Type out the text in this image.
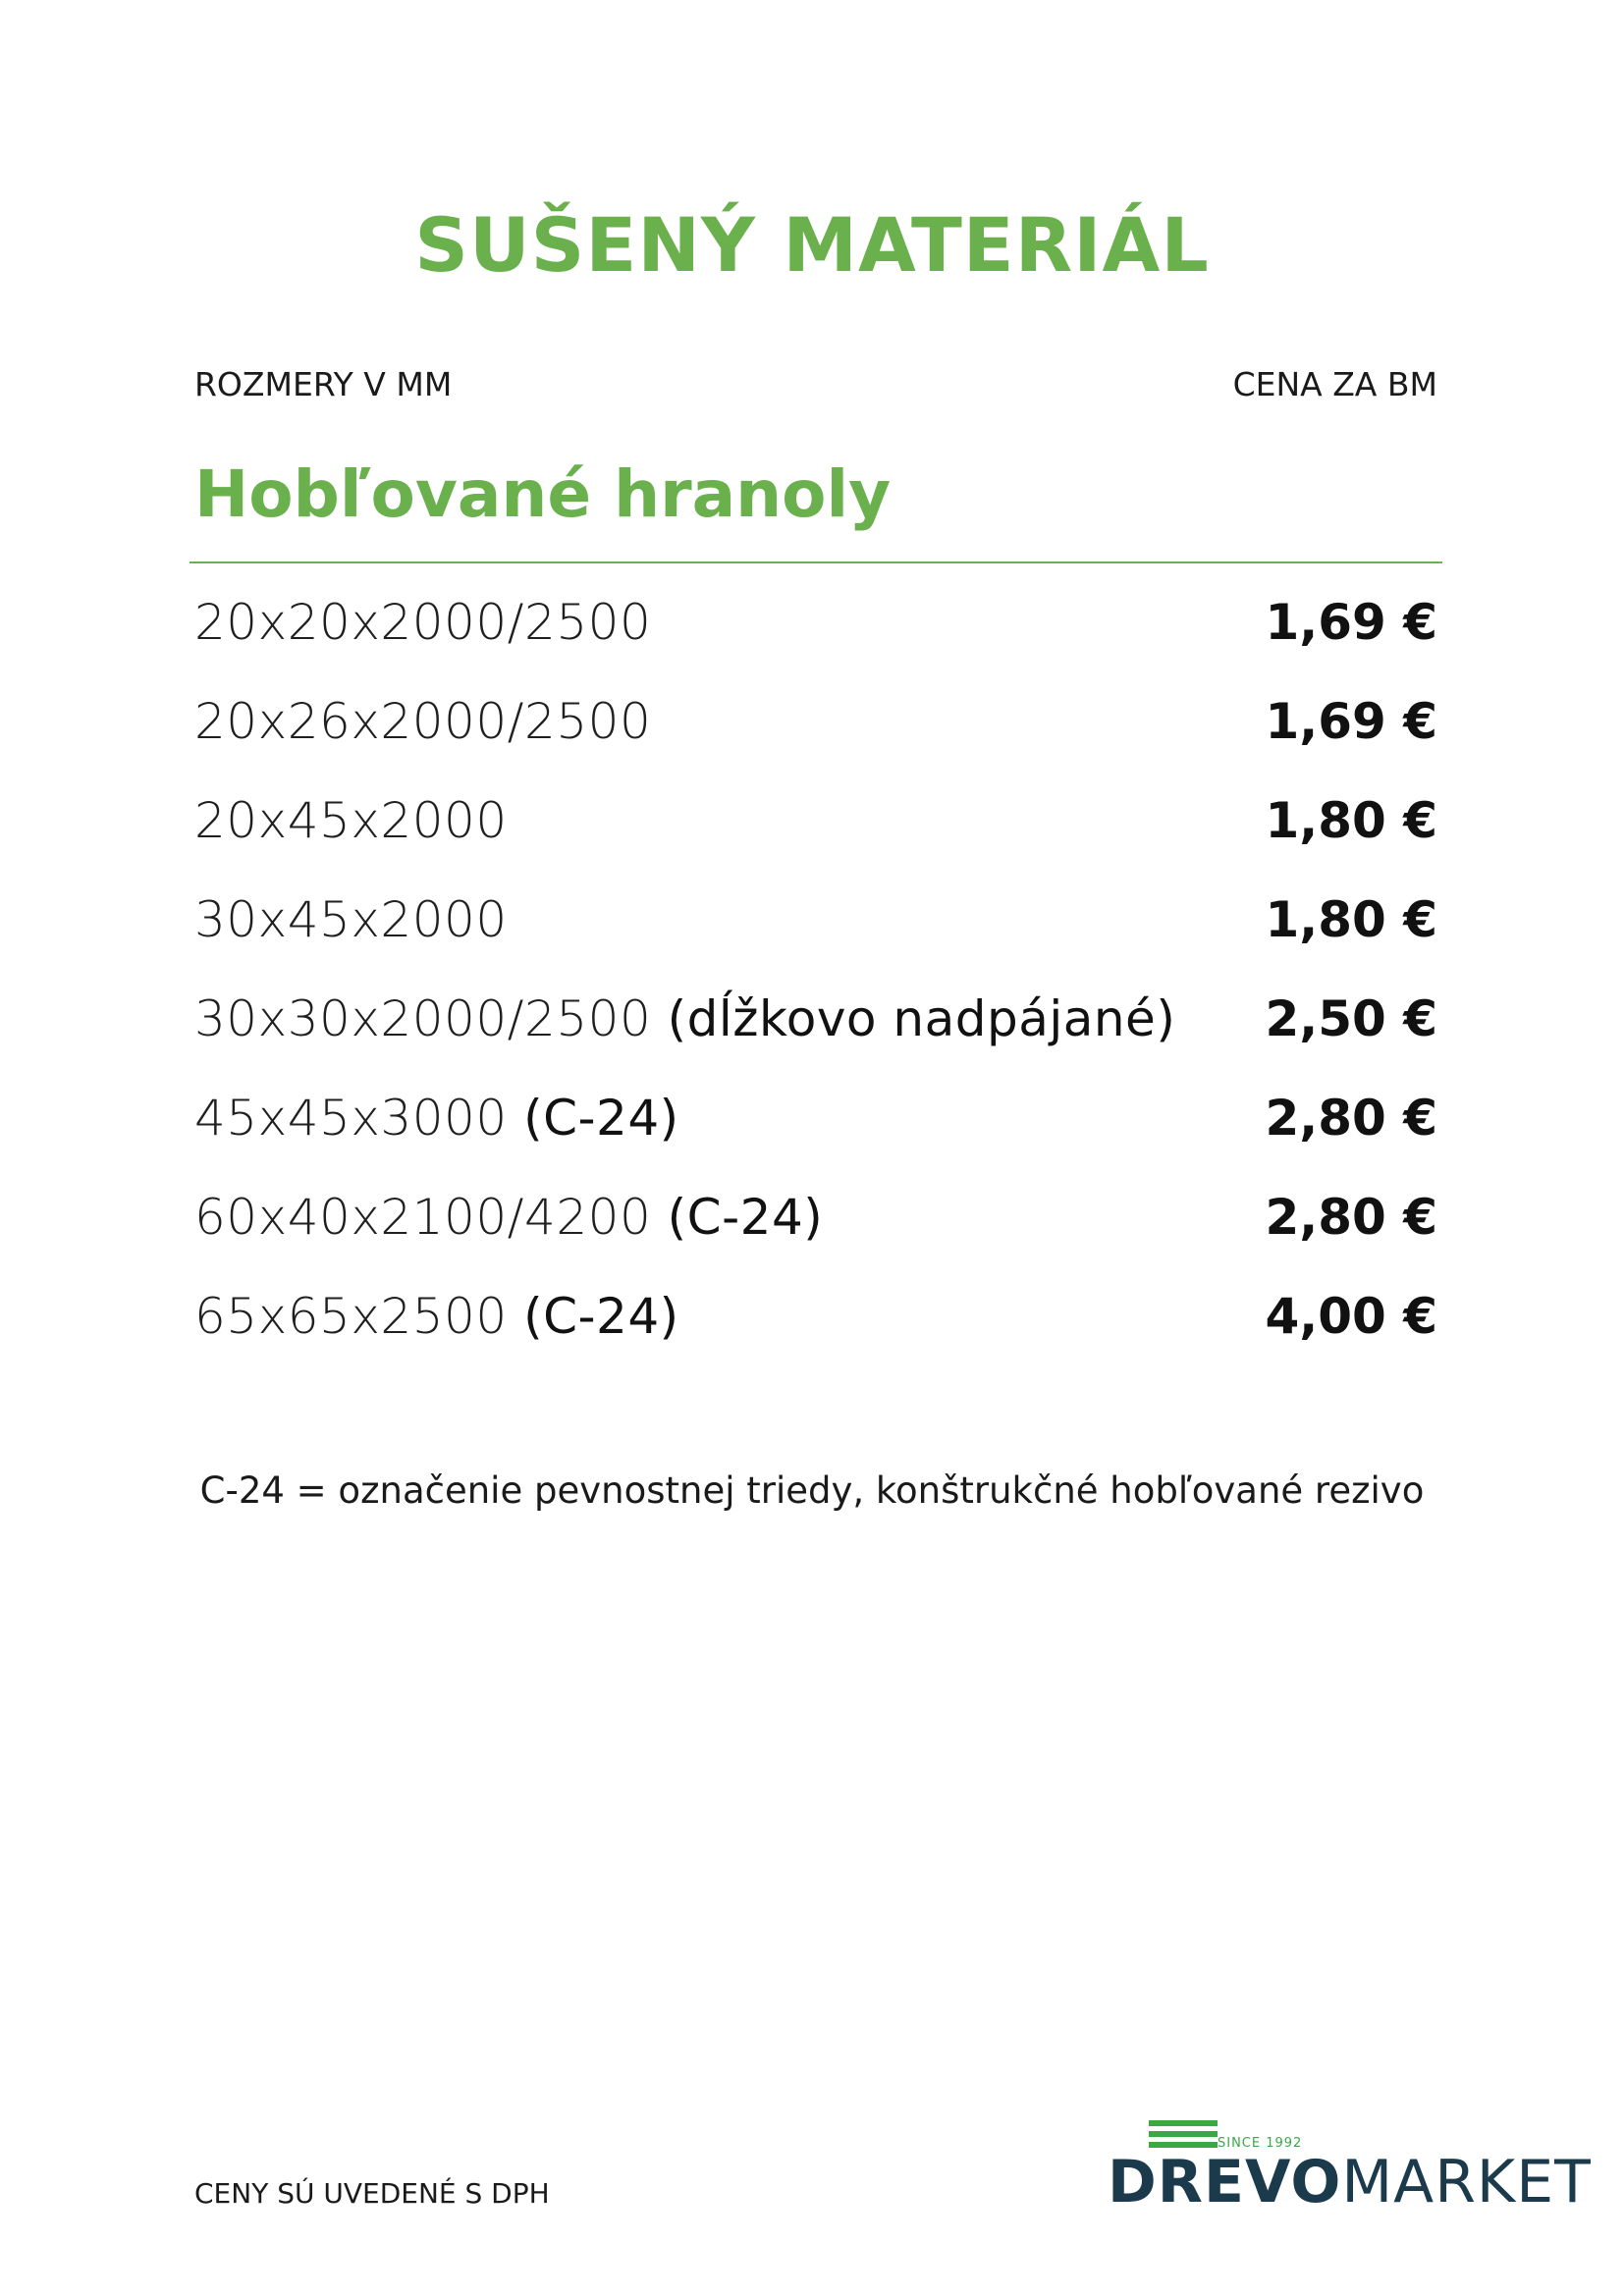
SUŠENÝ MATERIÁL
ROZMERY V MM	CENA ZA BM
Hobľované hranoly
20x20x2000/2500	1,69 €
20x26x2000/2500	1,69 €
20x45x2000	1,80 €
30x45x2000	1,80 €
30x30x2000/2500 (dĺžkovo nadpájané) 2,50 €
45x45x3000 (C-24)	2,80 €
60x40x2100/4200 (C-24)	2,80 €
65x65x2500 (C-24)	4,00 €
C-24 = označenie pevnostnej triedy, konštrukčné hobľované rezivo
CENY SÚ UVEDENÉ S DPH
SINCE 1992
DREVOMARKET
